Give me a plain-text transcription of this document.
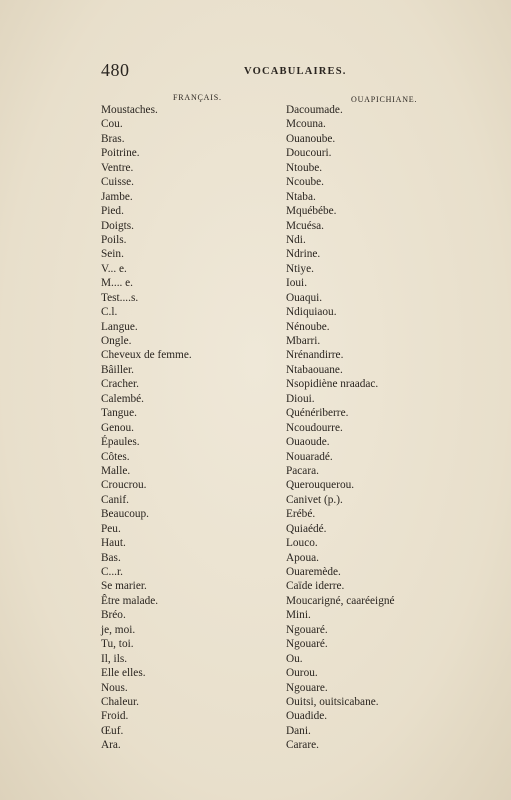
480	VOCABULAIRES.
FRANÇAIS.	OUAPICHIANE.
Moustaches.	Dacoumade.
Cou.	Mcouna.
Bras.	Ouanoube.
Poitrine.	Doucouri.
Ventre.	Ntoube.
Cuisse.	Ncoube.
Jambe.	Ntaba.
Pied.	Mquébébe.
Doigts.	Mcuésa.
Poils.	Ndi.
Sein.	Ndrine.
V... e.	Ntiye.
M.... e.	Ioui.
Test....s.	Ouaqui.
C.l.	Ndiquiaou.
Langue.	Nénoube.
Ongle.	Mbarri.
Cheveux de femme.	Nrénandirre.
Bâiller.	Ntabaouane.
Cracher.	Nsopidiène nraadac.
Calembé.	Dioui.
Tangue.	Quénériberre.
Genou.	Ncoudourre.
Épaules.	Ouaoude.
Côtes.	Nouaradé.
Malle.	Pacara.
Croucrou.	Querouquerou.
Canif.	Canivet (p.).
Beaucoup.	Erébé.
Peu.	Quiaédé.
Haut.	Louco.
Bas.	Apoua.
C...r.	Ouaremède.
Se marier.	Caïde iderre.
Être malade.	Moucarigné, caaréeigné
Bréo.	Mini.
je, moi.	Ngouaré.
Tu, toi.	Ngouaré.
Il, ils.	Ou.
Elle elles.	Ourou.
Nous.	Ngouare.
Chaleur.	Ouitsi, ouitsicabane.
Froid.	Ouadide.
Œuf.	Dani.
Ara.	Carare.
